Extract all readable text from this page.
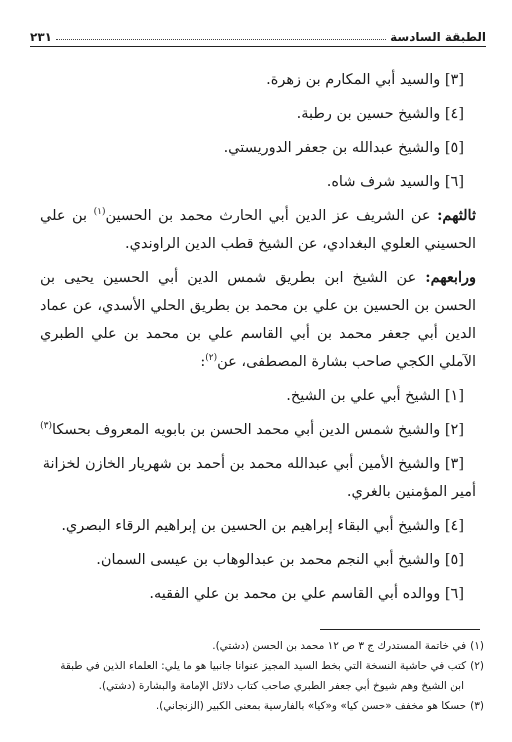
الطبقة السادسة
٢٣١

[٣] والسيد أبي المكارم بن زهرة.

[٤] والشيخ حسين بن رطبة.

[٥] والشيخ عبدالله بن جعفر الدوريستي.

[٦] والسيد شرف شاه.

ثالثهم: عن الشريف عز الدين أبي الحارث محمد بن الحسين$^{(١)}$ بن علي الحسيني العلوي البغدادي، عن الشيخ قطب الدين الراوندي.

ورابعهم: عن الشيخ ابن بطريق شمس الدين أبي الحسين يحيى بن الحسن بن الحسين بن علي بن محمد بن بطريق الحلي الأسدي، عن عماد الدين أبي جعفر محمد بن أبي القاسم علي بن محمد بن علي الطبري الآملي الكجي صاحب بشارة المصطفى، عن$^{(٢)}$:

[١] الشيخ أبي علي بن الشيخ.

[٢] والشيخ شمس الدين أبي محمد الحسن بن بابويه المعروف بحسكا$^{(٣)}$

[٣] والشيخ الأمين أبي عبدالله محمد بن أحمد بن شهريار الخازن لخزانة

أمير المؤمنين بالغري.

[٤] والشيخ أبي البقاء إبراهيم بن الحسين بن إبراهيم الرقاء البصري.

[٥] والشيخ أبي النجم محمد بن عبدالوهاب بن عيسى السمان.

[٦] ووالده أبي القاسم علي بن محمد بن علي الفقيه.

(١)في خاتمة المستدرك ج ٣ ص ١٢ محمد بن الحسن (دشتي).

(٢)كتب في حاشية النسخة التي بخط السيد المجيز عنوانا جانبيا هو ما يلي: العلماء الذين في طبقة

ابن الشيخ وهم شيوخ أبي جعفر الطبري صاحب كتاب دلائل الإمامة والبشارة (دشتي).

(٣)حسكا هو مخفف «حسن كيا» و«كيا» بالفارسية بمعنى الكبير (الزنجاني).
